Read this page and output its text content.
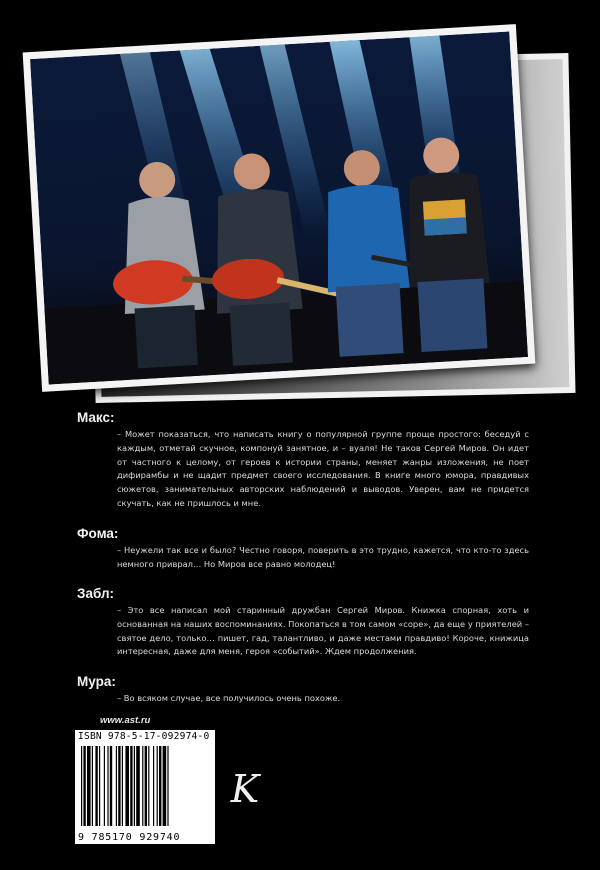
Макс:

– Может показаться, что написать книгу о популярной группе проще простого: беседуй с каждым, отметай скучное, компонуй занятное, и – вуаля! Не таков Сергей Миров. Он идет от частного к целому, от героев к истории страны, меняет жанры изложения, не поет дифирамбы и не щадит предмет своего исследования. В книге много юмора, правдивых сюжетов, занимательных авторских наблюдений и выводов. Уверен, вам не придется скучать, как не пришлось и мне.

Фома:

– Неужели так все и было? Честно говоря, поверить в это трудно, кажется, что кто-то здесь немного приврал… Но Миров все равно молодец!

Забл:

– Это все написал мой старинный дружбан Сергей Миров. Книжка спорная, хоть и основанная на наших воспоминаниях. Покопаться в том самом «соре», да еще у приятелей – святое дело, только… пишет, гад, талантливо, и даже местами правдиво! Короче, книжица интересная, даже для меня, героя «событий». Ждем продолжения.

Мура:

– Во всяком случае, все получилось очень похоже.

www.ast.ru
ISBN 978-5-17-092974-0
9 785170 929740
K
